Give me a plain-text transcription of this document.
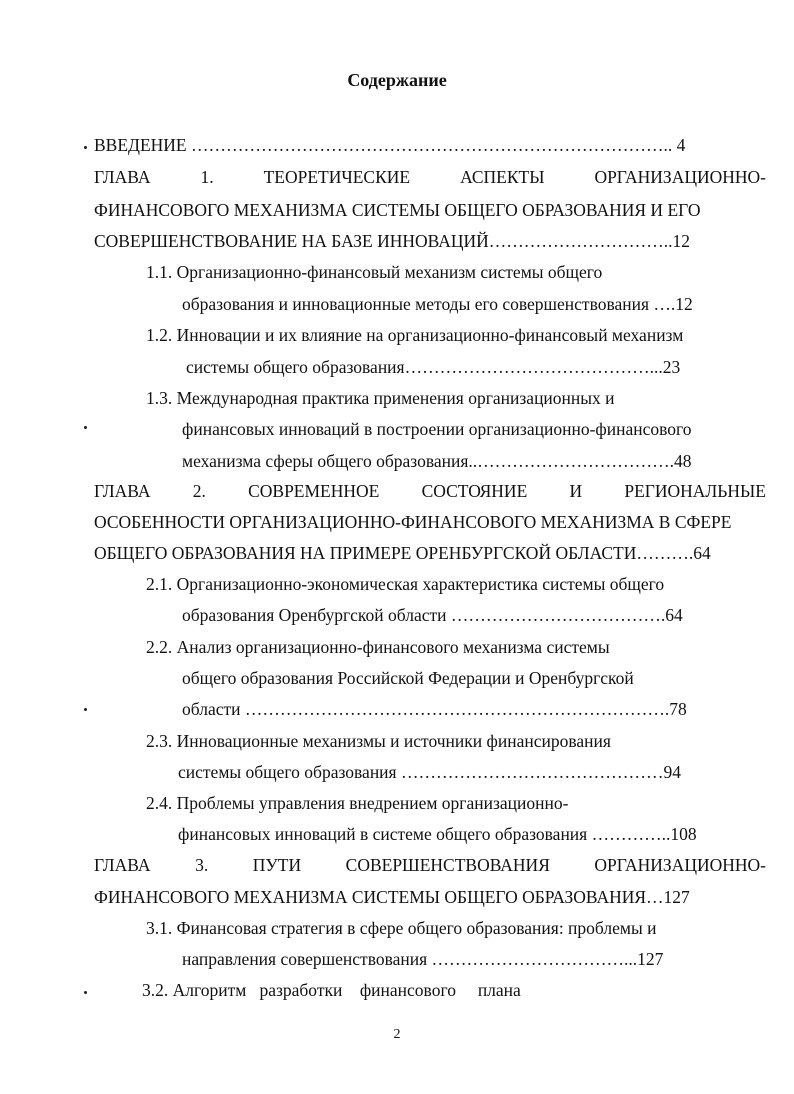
Содержание
ВВЕДЕНИЕ ……………………………………………………………………….. 4
ГЛАВА	1.	ТЕОРЕТИЧЕСКИЕ	АСПЕКТЫ	ОРГАНИЗАЦИОННО-
ФИНАНСОВОГО МЕХАНИЗМА СИСТЕМЫ ОБЩЕГО ОБРАЗОВАНИЯ И ЕГО
СОВЕРШЕНСТВОВАНИЕ НА БАЗЕ ИННОВАЦИЙ…………………………..12
1.1. Организационно-финансовый механизм системы общего
образования и инновационные методы его совершенствования ….12
1.2. Инновации и их влияние на организационно-финансовый механизм
системы общего образования……………………………………...23
1.3. Международная практика применения организационных и
финансовых инноваций в построении организационно-финансового
механизма сферы общего образования..…………………………….48
ГЛАВА 2. СОВРЕМЕННОЕ СОСТОЯНИЕ И РЕГИОНАЛЬНЫЕ
ОСОБЕННОСТИ ОРГАНИЗАЦИОННО-ФИНАНСОВОГО МЕХАНИЗМА В СФЕРЕ
ОБЩЕГО ОБРАЗОВАНИЯ НА ПРИМЕРЕ ОРЕНБУРГСКОЙ ОБЛАСТИ……….64
2.1. Организационно-экономическая характеристика системы общего
образования Оренбургской области ……………………………….64
2.2. Анализ организационно-финансового механизма системы
общего образования Российской Федерации и Оренбургской
области ……………………………………………………………….78
2.3. Инновационные механизмы и источники финансирования
системы общего образования ………………………………………94
2.4. Проблемы управления внедрением организационно-
финансовых инноваций в системе общего образования …………..108
ГЛАВА	3.	ПУТИ	СОВЕРШЕНСТВОВАНИЯ	ОРГАНИЗАЦИОННО-
ФИНАНСОВОГО МЕХАНИЗМА СИСТЕМЫ ОБЩЕГО ОБРАЗОВАНИЯ…127
3.1. Финансовая стратегия в сфере общего образования: проблемы и
направления совершенствования ……………………………...127
3.2. Алгоритм   разработки    финансового     плана
2
